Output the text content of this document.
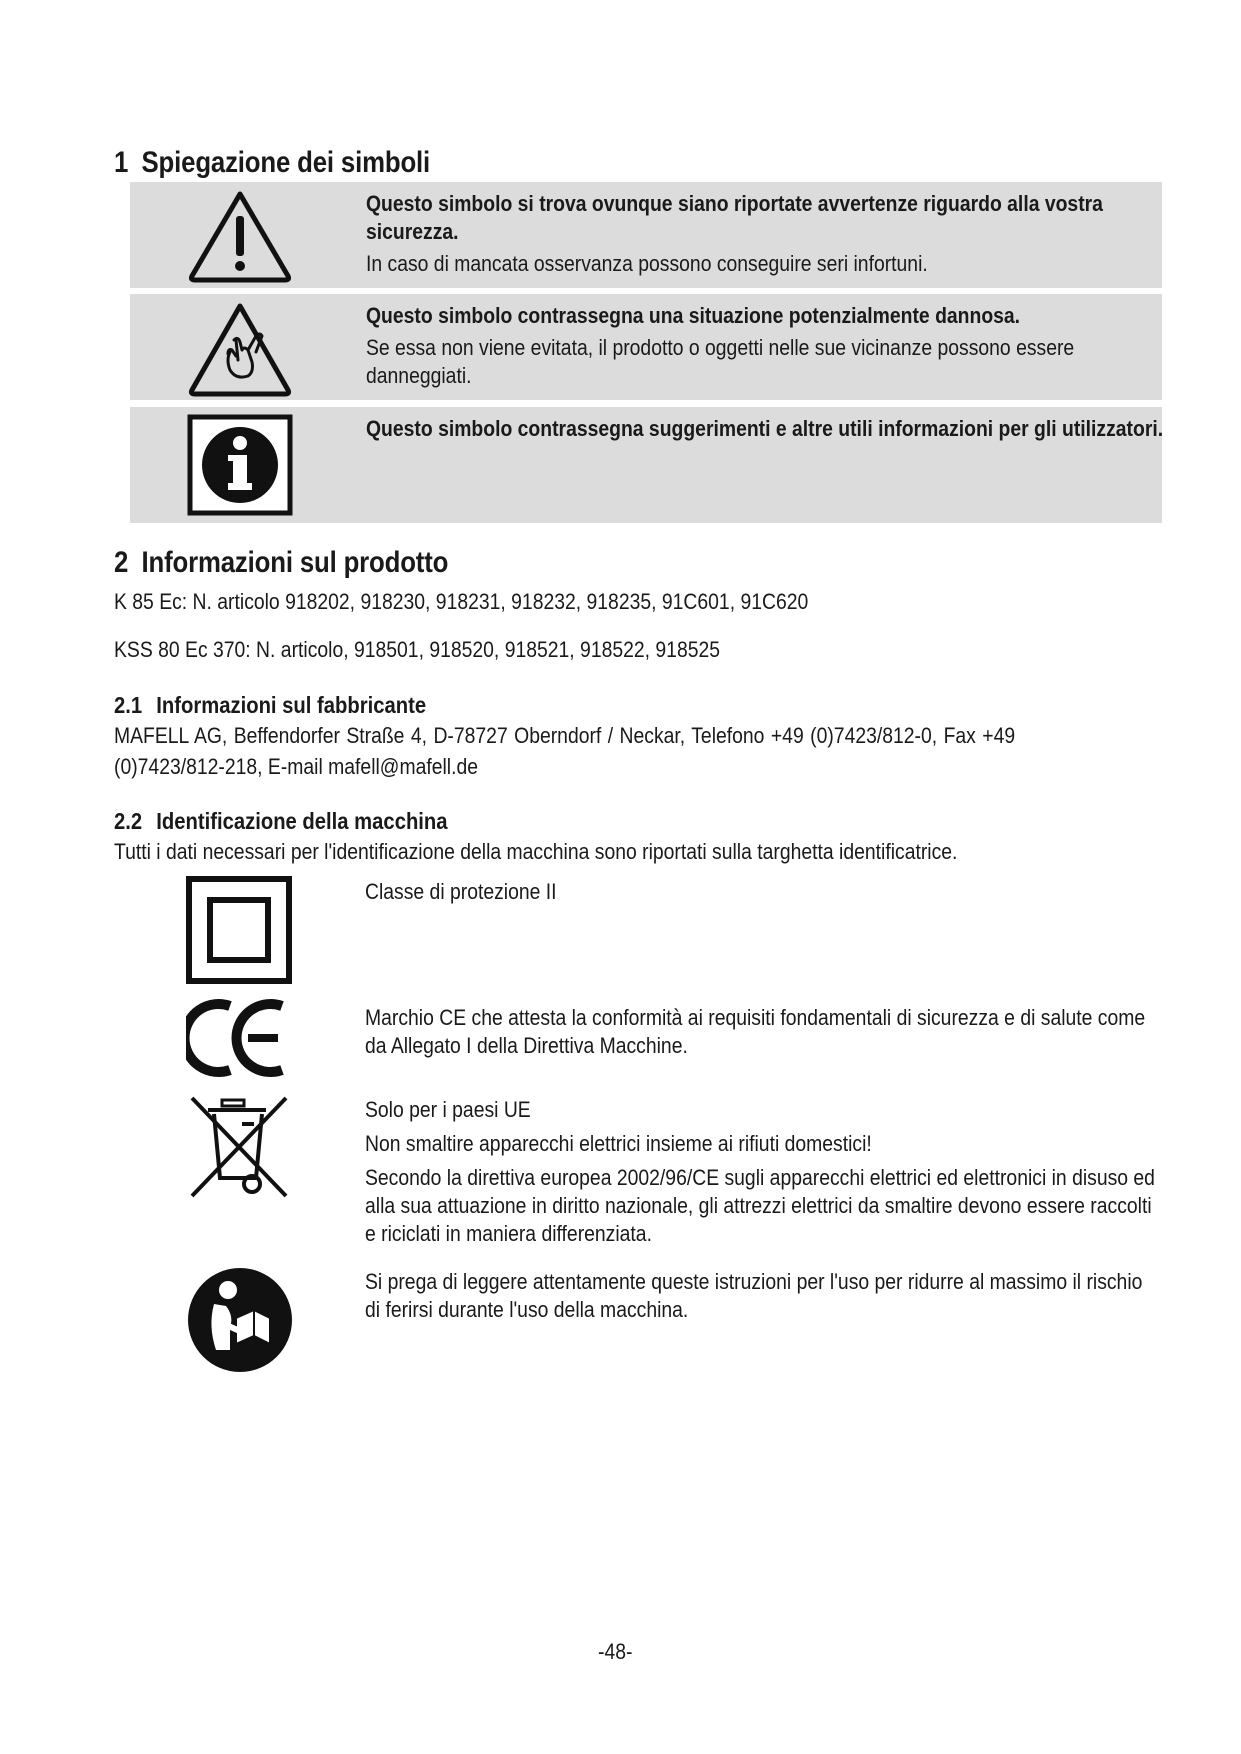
1 Spiegazione dei simboli

Questo simbolo si trova ovunque siano riportate avvertenze riguardo alla vostra sicurezza.

In caso di mancata osservanza possono conseguire seri infortuni.

Questo simbolo contrassegna una situazione potenzialmente dannosa.

Se essa non viene evitata, il prodotto o oggetti nelle sue vicinanze possono essere danneggiati.

Questo simbolo contrassegna suggerimenti e altre utili informazioni per gli utilizzatori.

2 Informazioni sul prodotto

K 85 Ec: N. articolo 918202, 918230, 918231, 918232, 918235, 91C601, 91C620

KSS 80 Ec 370: N. articolo, 918501, 918520, 918521, 918522, 918525

2.1 Informazioni sul fabbricante

MAFELL AG, Beffendorfer Straße 4, D-78727 Oberndorf / Neckar, Telefono +49 (0)7423/812-0, Fax +49 (0)7423/812-218, E-mail mafell@mafell.de

2.2 Identificazione della macchina

Tutti i dati necessari per l'identificazione della macchina sono riportati sulla targhetta identificatrice.

Classe di protezione II

Marchio CE che attesta la conformità ai requisiti fondamentali di sicurezza e di salute come da Allegato I della Direttiva Macchine.

Solo per i paesi UE

Non smaltire apparecchi elettrici insieme ai rifiuti domestici!

Secondo la direttiva europea 2002/96/CE sugli apparecchi elettrici ed elettronici in disuso ed alla sua attuazione in diritto nazionale, gli attrezzi elettrici da smaltire devono essere raccolti e riciclati in maniera differenziata.

Si prega di leggere attentamente queste istruzioni per l'uso per ridurre al massimo il rischio di ferirsi durante l'uso della macchina.

-48-
